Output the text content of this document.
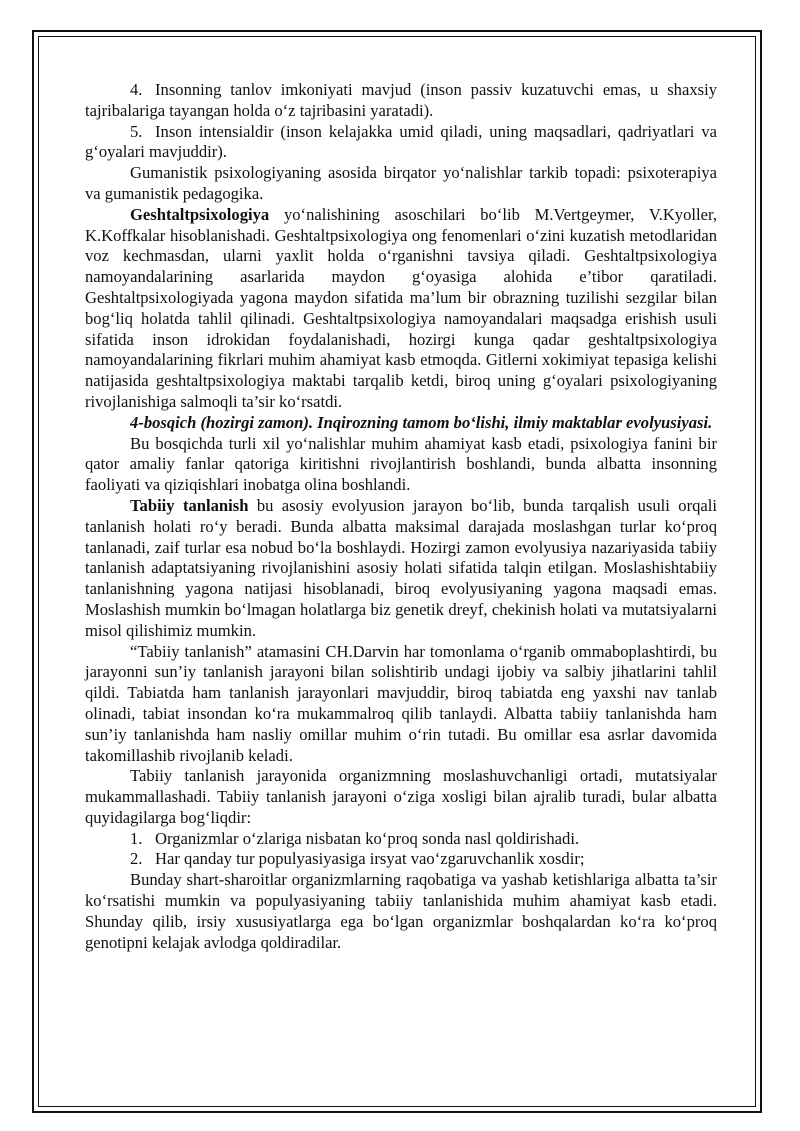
4. Insonning tanlov imkoniyati mavjud (inson passiv kuzatuvchi emas, u shaxsiy tajribalariga tayangan holda o‘z tajribasini yaratadi).

5. Inson intensialdir (inson kelajakka umid qiladi, uning maqsadlari, qadriyatlari va g‘oyalari mavjuddir).

Gumanistik psixologiyaning asosida birqator yo‘nalishlar tarkib topadi: psixoterapiya va gumanistik pedagogika.

Geshtaltpsixologiya yo‘nalishining asoschilari bo‘lib M.Vertgeymer, V.Kyoller, K.Koffkalar hisoblanishadi. Geshtaltpsixologiya ong fenomenlari o‘zini kuzatish metodlaridan voz kechmasdan, ularni yaxlit holda o‘rganishni tavsiya qiladi. Geshtaltpsixologiya namoyandalarining asarlarida maydon g‘oyasiga alohida e’tibor qaratiladi. Geshtaltpsixologiyada yagona maydon sifatida ma’lum bir obrazning tuzilishi sezgilar bilan bog‘liq holatda tahlil qilinadi. Geshtaltpsixologiya namoyandalari maqsadga erishish usuli sifatida inson idrokidan foydalanishadi, hozirgi kunga qadar geshtaltpsixologiya namoyandalarining fikrlari muhim ahamiyat kasb etmoqda. Gitlerni xokimiyat tepasiga kelishi natijasida geshtaltpsixologiya maktabi tarqalib ketdi, biroq uning g‘oyalari psixologiyaning rivojlanishiga salmoqli ta’sir ko‘rsatdi.

4-bosqich (hozirgi zamon). Inqirozning tamom bo‘lishi, ilmiy maktablar evolyusiyasi.

Bu bosqichda turli xil yo‘nalishlar muhim ahamiyat kasb etadi, psixologiya fanini bir qator amaliy fanlar qatoriga kiritishni rivojlantirish boshlandi, bunda albatta insonning faoliyati va qiziqishlari inobatga olina boshlandi.

Tabiiy tanlanish bu asosiy evolyusion jarayon bo‘lib, bunda tarqalish usuli orqali tanlanish holati ro‘y beradi. Bunda albatta maksimal darajada moslashgan turlar ko‘proq tanlanadi, zaif turlar esa nobud bo‘la boshlaydi. Hozirgi zamon evolyusiya nazariyasida tabiiy tanlanish adaptatsiyaning rivojlanishini asosiy holati sifatida talqin etilgan. Moslashishtabiiy tanlanishning yagona natijasi hisoblanadi, biroq evolyusiyaning yagona maqsadi emas. Moslashish mumkin bo‘lmagan holatlarga biz genetik dreyf, chekinish holati va mutatsiyalarni misol qilishimiz mumkin.

“Tabiiy tanlanish” atamasini CH.Darvin har tomonlama o‘rganib ommaboplashtirdi, bu jarayonni sun’iy tanlanish jarayoni bilan solishtirib undagi ijobiy va salbiy jihatlarini tahlil qildi. Tabiatda ham tanlanish jarayonlari mavjuddir, biroq tabiatda eng yaxshi nav tanlab olinadi, tabiat insondan ko‘ra mukammalroq qilib tanlaydi. Albatta tabiiy tanlanishda ham sun’iy tanlanishda ham nasliy omillar muhim o‘rin tutadi. Bu omillar esa asrlar davomida takomillashib rivojlanib keladi.

Tabiiy tanlanish jarayonida organizmning moslashuvchanligi ortadi, mutatsiyalar mukammallashadi. Tabiiy tanlanish jarayoni o‘ziga xosligi bilan ajralib turadi, bular albatta quyidagilarga bog‘liqdir:

1. Organizmlar o‘zlariga nisbatan ko‘proq sonda nasl qoldirishadi.

2. Har qanday tur populyasiyasiga irsyat vao‘zgaruvchanlik xosdir;

Bunday shart-sharoitlar organizmlarning raqobatiga va yashab ketishlariga albatta ta’sir ko‘rsatishi mumkin va populyasiyaning tabiiy tanlanishida muhim ahamiyat kasb etadi. Shunday qilib, irsiy xususiyatlarga ega bo‘lgan organizmlar boshqalardan ko‘ra ko‘proq genotipni kelajak avlodga qoldiradilar.
